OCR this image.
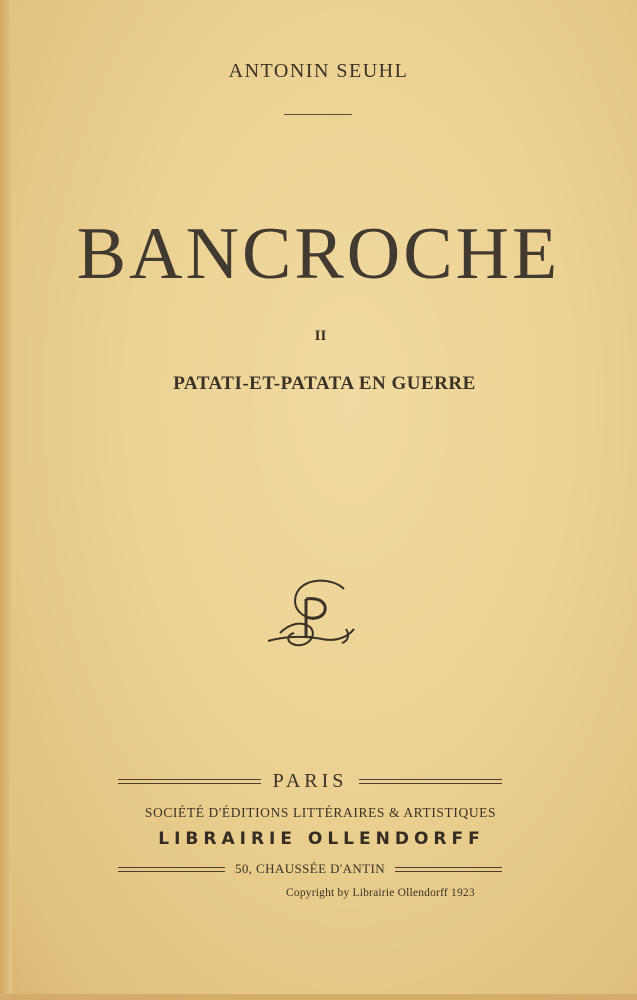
ANTONIN SEUHL
BANCROCHE
II
PATATI-ET-PATATA EN GUERRE
PARIS
SOCIÉTÉ D'ÉDITIONS LITTÉRAIRES & ARTISTIQUES
LIBRAIRIE OLLENDORFF
50, CHAUSSÉE D'ANTIN
Copyright by Librairie Ollendorff 1923
